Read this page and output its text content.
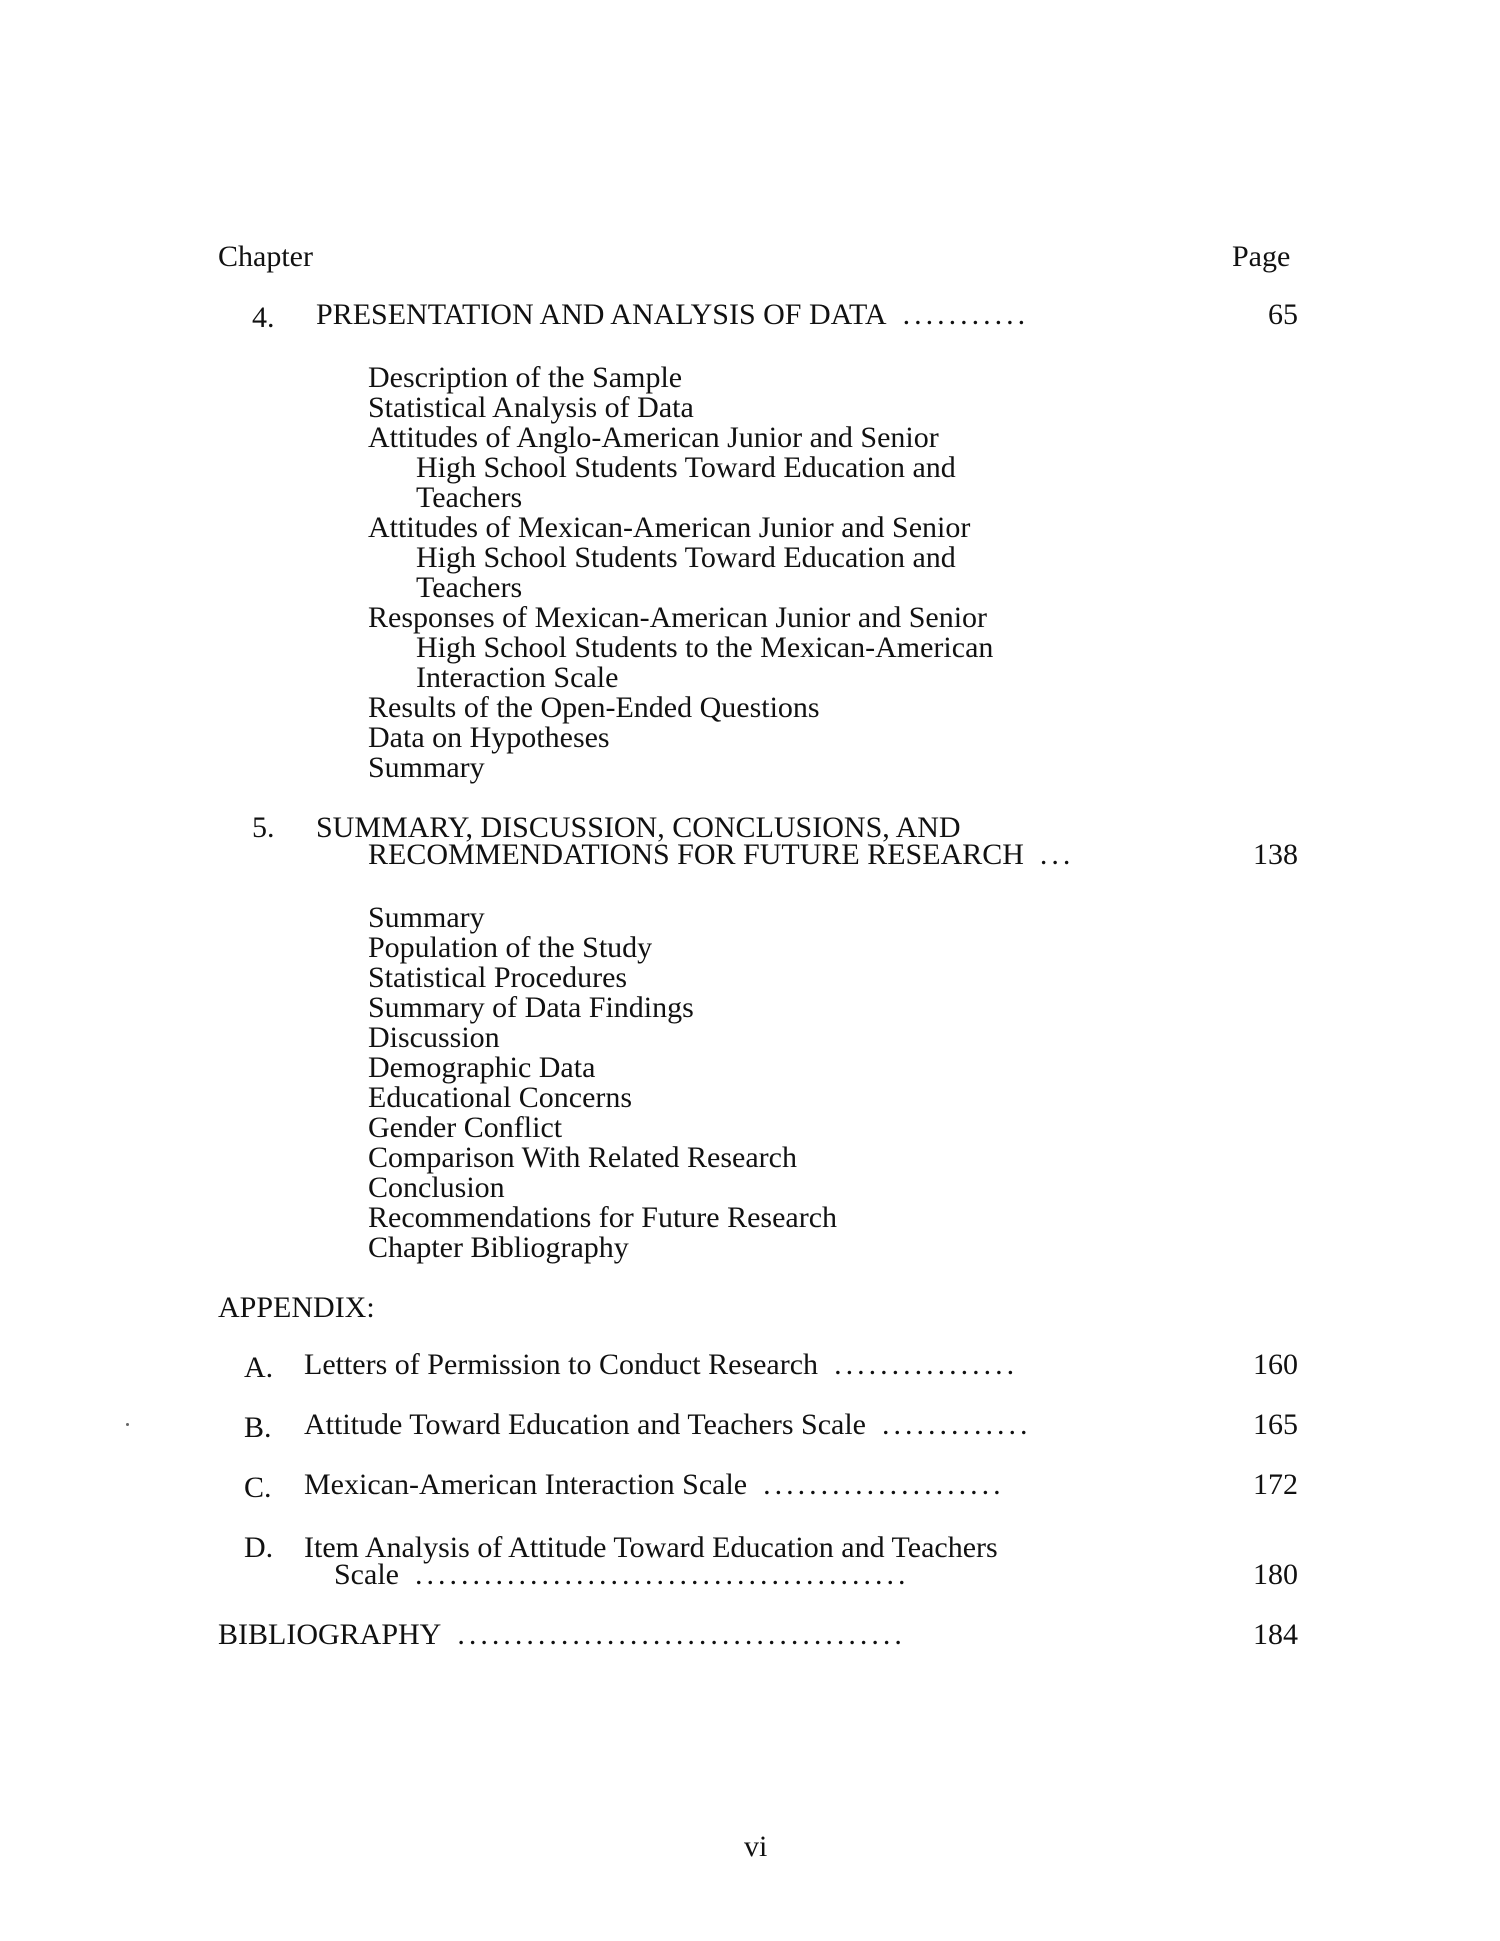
Chapter	Page
4. PRESENTATION AND ANALYSIS OF DATA ...........	65
Description of the Sample
Statistical Analysis of Data
Attitudes of Anglo-American Junior and Senior
High School Students Toward Education and
Teachers
Attitudes of Mexican-American Junior and Senior
High School Students Toward Education and
Teachers
Responses of Mexican-American Junior and Senior
High School Students to the Mexican-American
Interaction Scale
Results of the Open-Ended Questions
Data on Hypotheses
Summary
5. SUMMARY, DISCUSSION, CONCLUSIONS, AND
RECOMMENDATIONS FOR FUTURE RESEARCH ...	138
Summary
Population of the Study
Statistical Procedures
Summary of Data Findings
Discussion
Demographic Data
Educational Concerns
Gender Conflict
Comparison With Related Research
Conclusion
Recommendations for Future Research
Chapter Bibliography
APPENDIX:
A. Letters of Permission to Conduct Research ................	160
B. Attitude Toward Education and Teachers Scale .............	165
C. Mexican-American Interaction Scale .....................	172
D. Item Analysis of Attitude Toward Education and Teachers
Scale ...........................................	180
BIBLIOGRAPHY .......................................	184
vi
